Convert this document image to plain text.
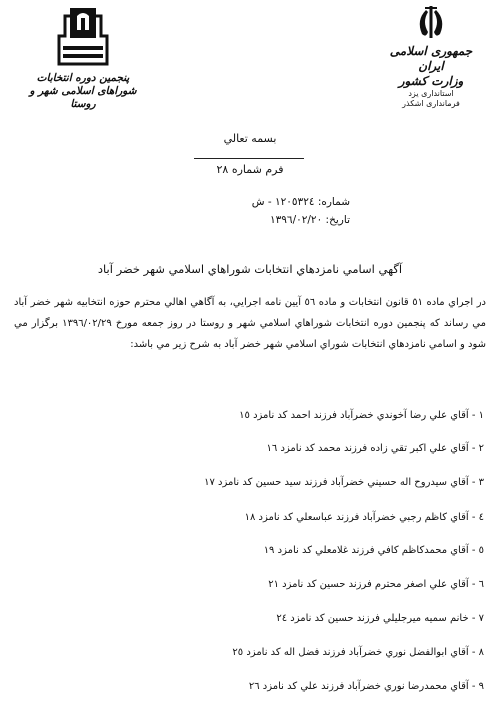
پنجمین دوره انتخابات
شوراهای اسلامی شهر و روستا
جمهوری اسلامی ایران
وزارت کشور
استانداری یزد
فرمانداری اشکذر
بسمه تعالي
فرم شماره ٢٨
شماره: ١٢٠٥٣٢٤ - ش
تاريخ: ١٣٩٦/٠٢/٢٠
آگهي اسامي نامزدهاي انتخابات شوراهاي اسلامي شهر خضر آباد
در اجراي ماده ٥١ قانون انتخابات و ماده ٥٦ آيين نامه اجرايي، به آگاهي اهالي محترم حوزه انتخابيه شهر خضر آباد مي رساند که پنجمين دوره انتخابات شوراهاي اسلامي شهر و روستا در روز جمعه مورخ ١٣٩٦/٠٢/٢٩ برگزار مي شود و اسامي نامزدهاي انتخابات شوراي اسلامي شهر خضر آباد به شرح زير مي باشد:
١ - آقاي علي رضا آخوندي خضرآباد فرزند احمد کد نامزد ١٥
٢ - آقاي علي اکبر تقي زاده فرزند محمد کد نامزد ١٦
٣ - آقاي سيدروح اله حسيني خضرآباد فرزند سيد حسين کد نامزد ١٧
٤ - آقاي کاظم رجبي خضرآباد فرزند عباسعلي کد نامزد ١٨
٥ - آقاي محمدکاظم کافي فرزند غلامعلي کد نامزد ١٩
٦ - آقاي علي اصغر محترم فرزند حسين کد نامزد ٢١
٧ - خانم سميه ميرجليلي فرزند حسين کد نامزد ٢٤
٨ - آقاي ابوالفضل نوري خضرآباد فرزند فضل اله کد نامزد ٢٥
٩ - آقاي محمدرضا نوري خضرآباد فرزند علي کد نامزد ٢٦
